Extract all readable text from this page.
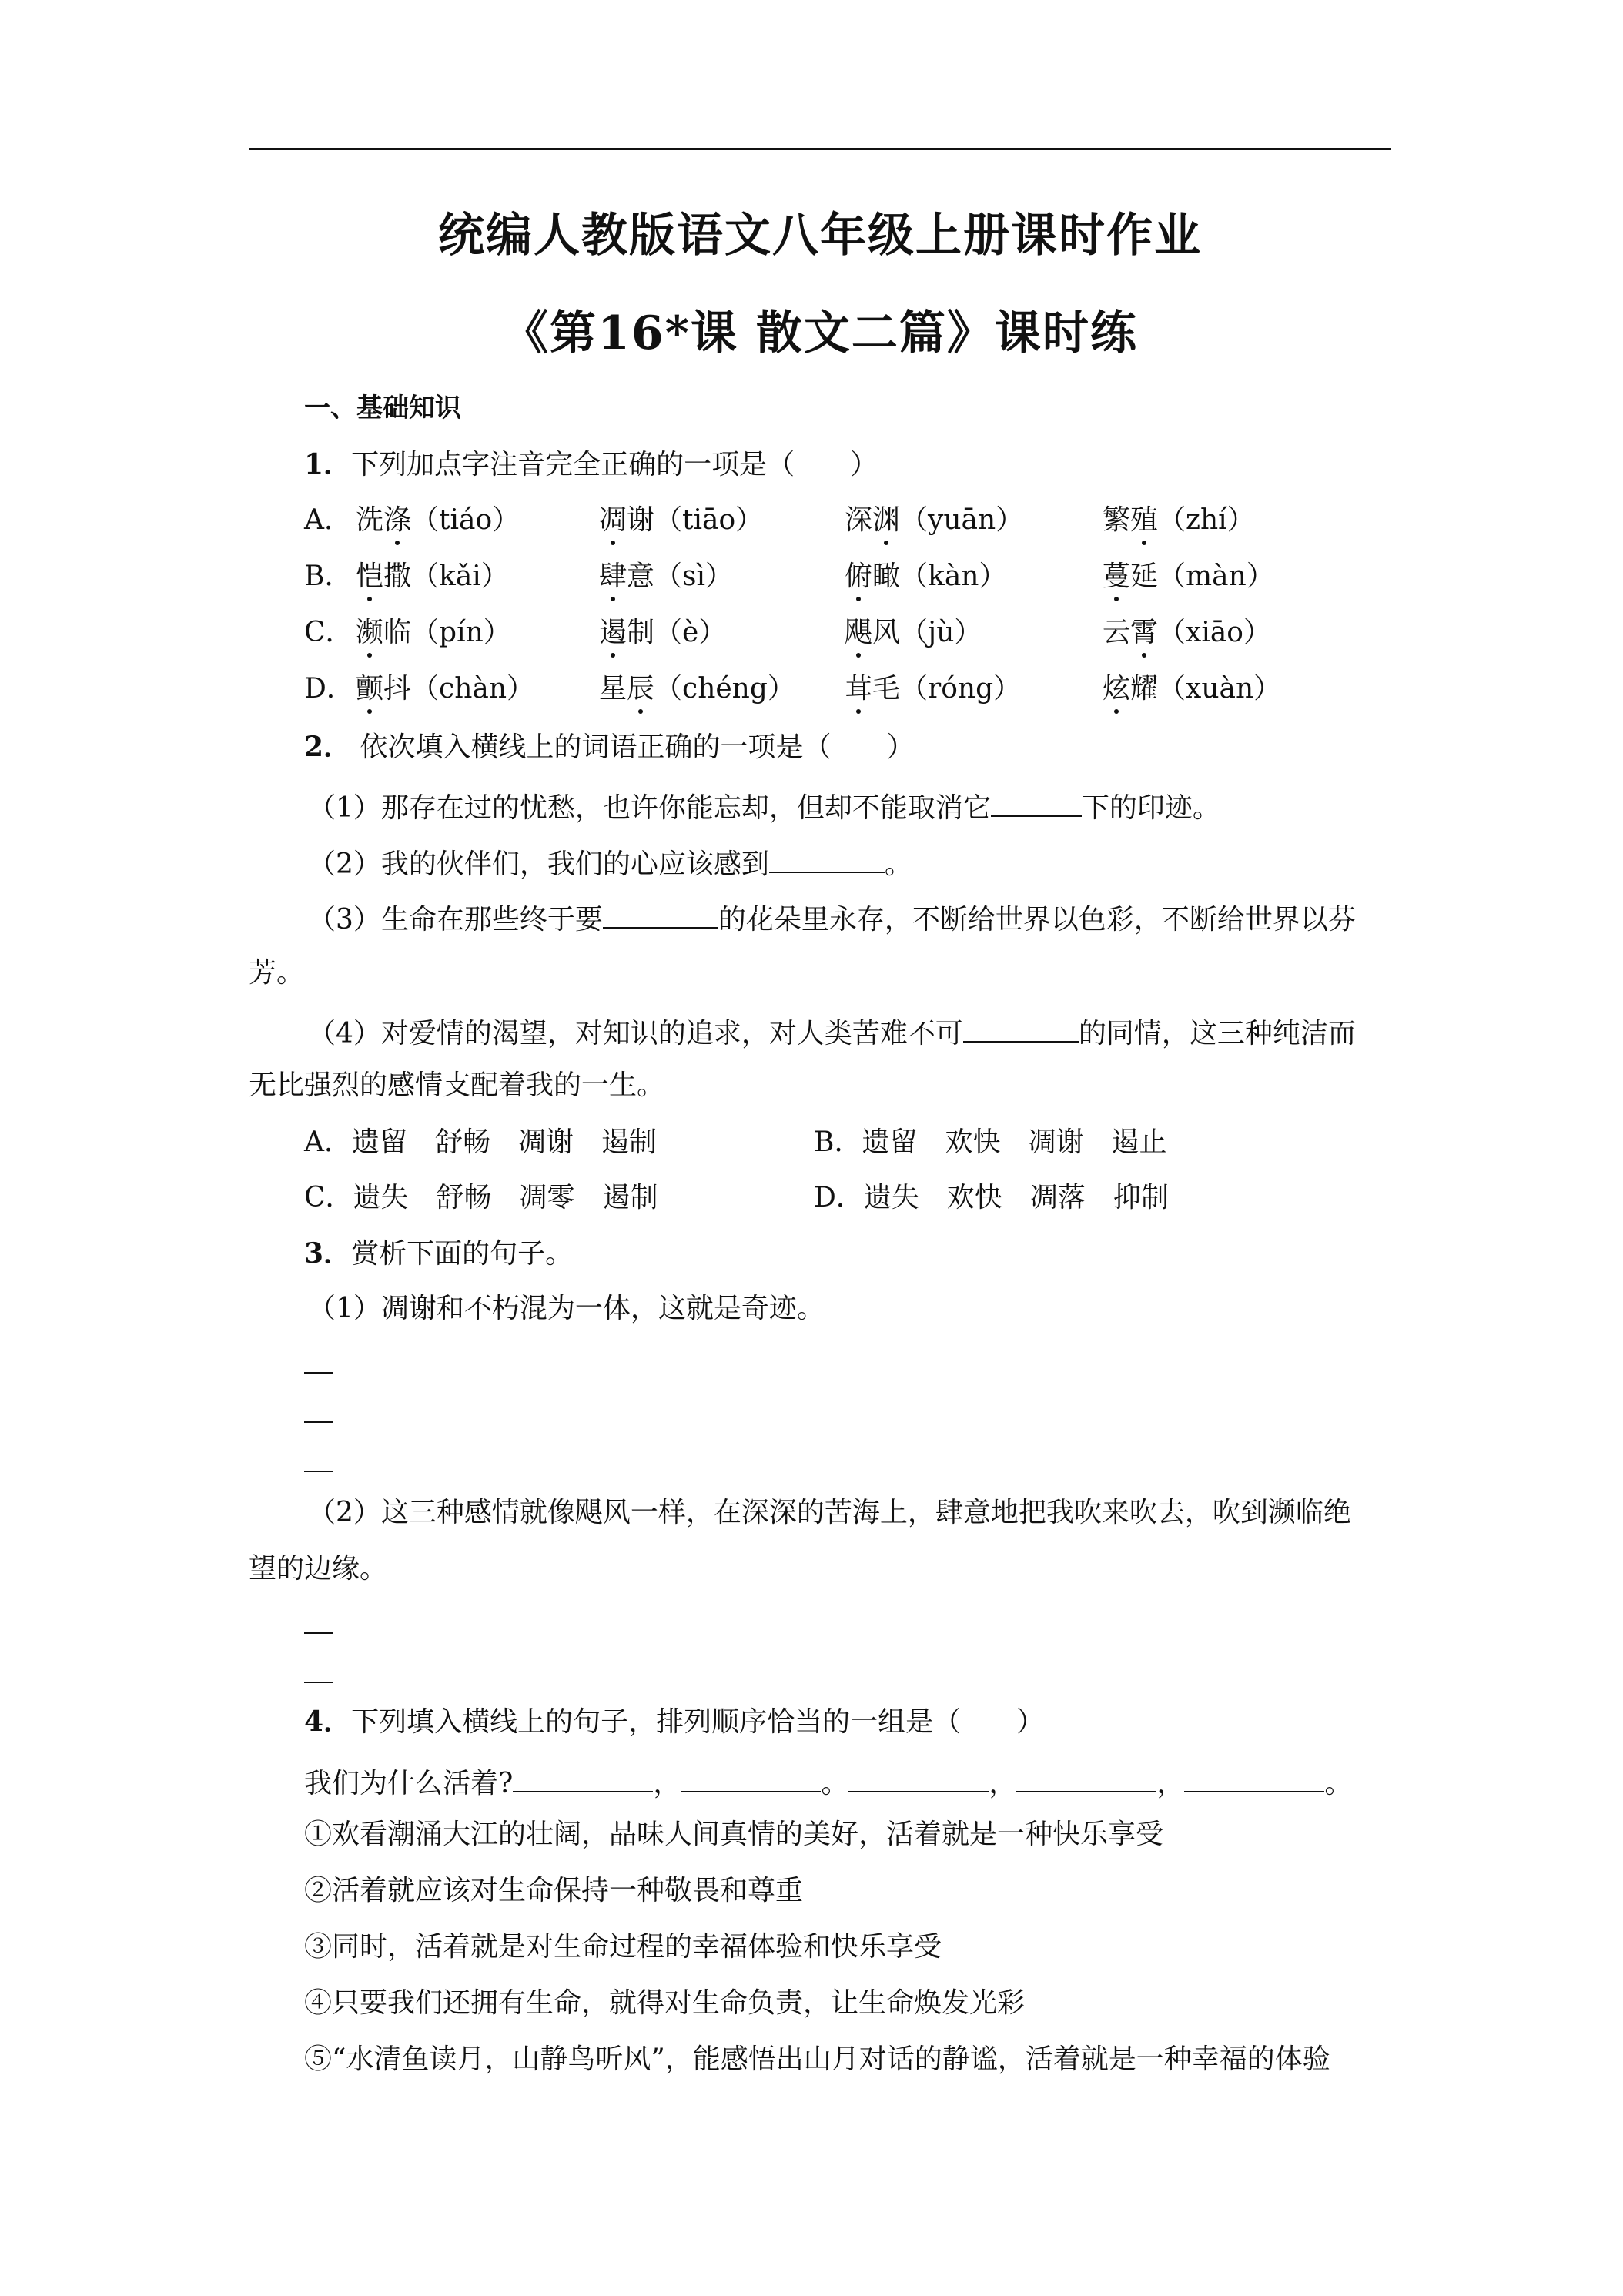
统编人教版语文八年级上册课时作业
《第16*课 散文二篇》课时练
一、基础知识
1．下列加点字注音完全正确的一项是（　　）
A． 洗涤（tiáo）	凋谢（tiāo）	深渊（yuān）	繁殖（zhí）
B． 恺撒（kǎi）	肆意（sì）	俯瞰（kàn）	蔓延（màn）
C． 濒临（pín）	遏制（è）	飓风（jù）	云霄（xiāo）
D． 颤抖（chàn） 星辰（chéng） 茸毛（róng）	炫耀（xuàn）
2． 依次填入横线上的词语正确的一项是（　　）
（1）那存在过的忧愁，也许你能忘却，但却不能取消它	下的印迹。
（2）我的伙伴们，我们的心应该感到	。
（3）生命在那些终于要	的花朵里永存，不断给世界以色彩，不断给世界以芬
芳。
（4）对爱情的渴望，对知识的追求，对人类苦难不可	的同情，这三种纯洁而
无比强烈的感情支配着我的一生。
A．遗留　舒畅　凋谢　遏制	B．遗留　欢快　凋谢　遏止
C．遗失　舒畅　凋零　遏制	D．遗失　欢快　凋落　抑制
3．赏析下面的句子。
（1）凋谢和不朽混为一体，这就是奇迹。
（2）这三种感情就像飓风一样，在深深的苦海上，肆意地把我吹来吹去，吹到濒临绝
望的边缘。
4．下列填入横线上的句子，排列顺序恰当的一组是（　　）
我们为什么活着?	，	。	，	，	。
①欢看潮涌大江的壮阔，品味人间真情的美好，活着就是一种快乐享受
②活着就应该对生命保持一种敬畏和尊重
③同时，活着就是对生命过程的幸福体验和快乐享受
④只要我们还拥有生命，就得对生命负责，让生命焕发光彩
⑤“水清鱼读月，山静鸟听风”，能感悟出山月对话的静谧，活着就是一种幸福的体验
